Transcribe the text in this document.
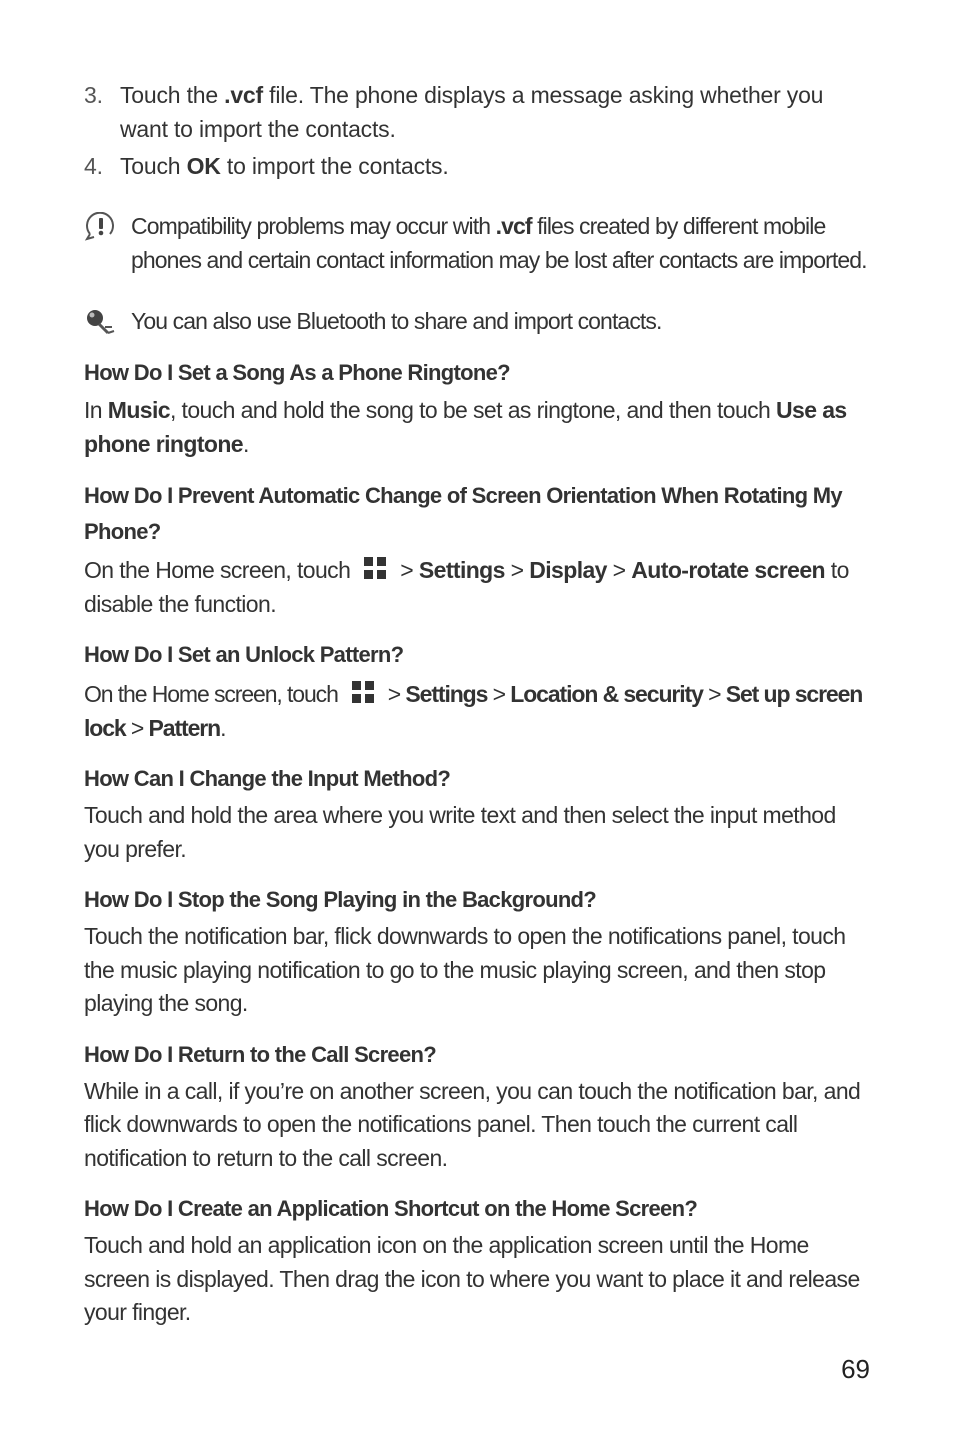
3. Touch the .vcf file. The phone displays a message asking whether you want to import the contacts.
4. Touch OK to import the contacts.
Compatibility problems may occur with .vcf files created by different mobile phones and certain contact information may be lost after contacts are imported.
You can also use Bluetooth to share and import contacts.
How Do I Set a Song As a Phone Ringtone?

In Music, touch and hold the song to be set as ringtone, and then touch Use as phone ringtone.

How Do I Prevent Automatic Change of Screen Orientation When Rotating My Phone?

On the Home screen, touch > Settings > Display > Auto-rotate screen to disable the function.

How Do I Set an Unlock Pattern?

On the Home screen, touch > Settings > Location & security > Set up screen lock > Pattern.

How Can I Change the Input Method?

Touch and hold the area where you write text and then select the input method you prefer.

How Do I Stop the Song Playing in the Background?

Touch the notification bar, flick downwards to open the notifications panel, touch the music playing notification to go to the music playing screen, and then stop playing the song.

How Do I Return to the Call Screen?

While in a call, if you’re on another screen, you can touch the notification bar, and flick downwards to open the notifications panel. Then touch the current call notification to return to the call screen.

How Do I Create an Application Shortcut on the Home Screen?

Touch and hold an application icon on the application screen until the Home screen is displayed. Then drag the icon to where you want to place it and release your finger.

69
